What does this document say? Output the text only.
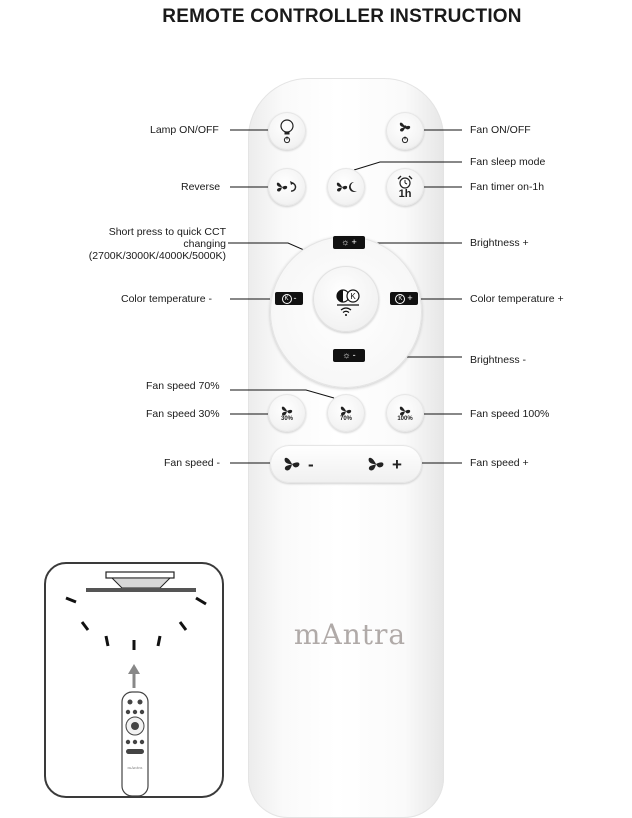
REMOTE CONTROLLER INSTRUCTION
Lamp ON/OFF
Reverse
Short press to quick CCT
changing
(2700K/3000K/4000K/5000K)
Color temperature -
Fan speed 70%
Fan speed 30%
Fan speed -
Fan ON/OFF
Fan sleep mode
Fan timer on-1h
Brightness +
Color temperature +
Brightness -
Fan speed 100%
Fan speed +
1h
☼ +
☼ -
K -	K +
K
30%	70%	100%
-	+
mAntra
mAntra
